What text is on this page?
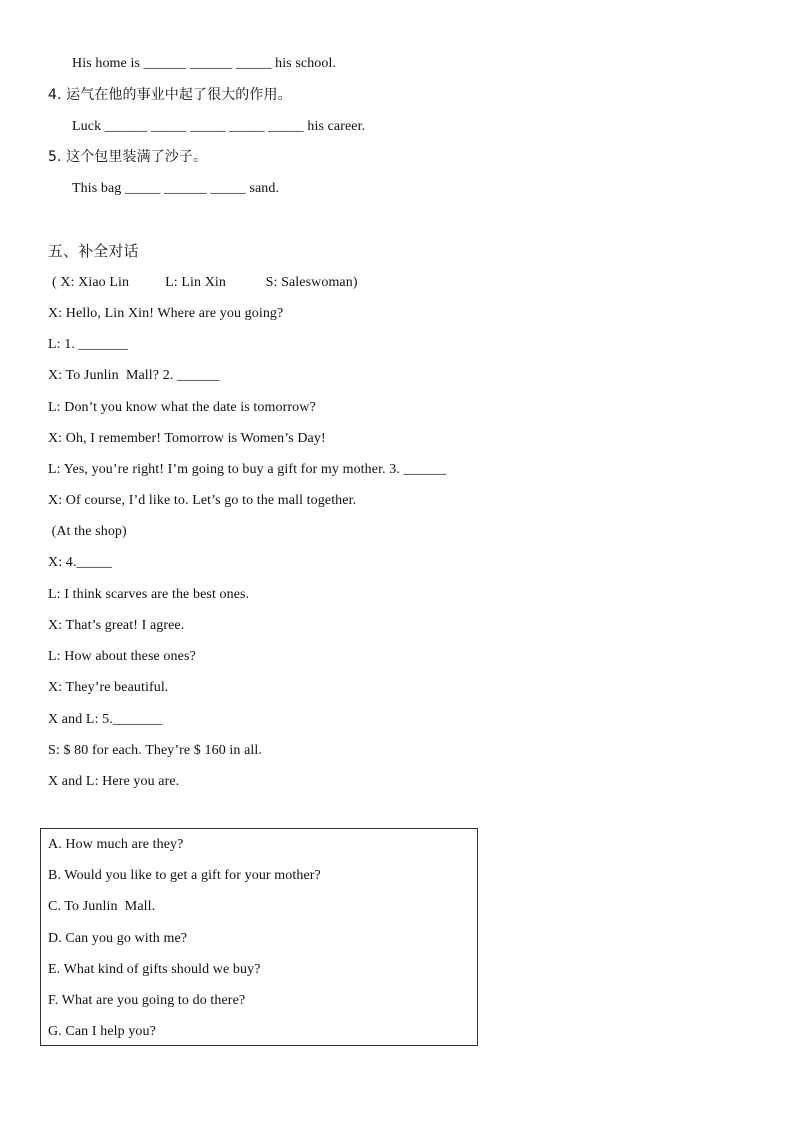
His home is ______ ______ _____ his school.
4. 运气在他的事业中起了很大的作用。
Luck ______ _____ _____ _____ _____ his career.
5. 这个包里装满了沙子。
This bag _____ ______ _____ sand.
五、补全对话
( X: Xiao Lin          L: Lin Xin           S: Saleswoman)
X: Hello, Lin Xin! Where are you going?
L: 1. _______
X: To Junlin  Mall? 2. ______
L: Don’t you know what the date is tomorrow?
X: Oh, I remember! Tomorrow is Women’s Day!
L: Yes, you’re right! I’m going to buy a gift for my mother. 3. ______
X: Of course, I’d like to. Let’s go to the mall together.
(At the shop)
X: 4._____
L: I think scarves are the best ones.
X: That’s great! I agree.
L: How about these ones?
X: They’re beautiful.
X and L: 5._______
S: $ 80 for each. They’re $ 160 in all.
X and L: Here you are.
A. How much are they?
B. Would you like to get a gift for your mother?
C. To Junlin  Mall.
D. Can you go with me?
E. What kind of gifts should we buy?
F. What are you going to do there?
G. Can I help you?
